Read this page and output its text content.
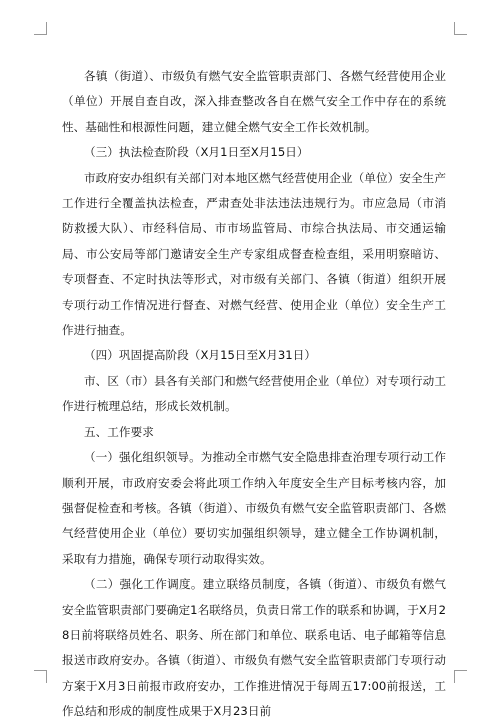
各镇（街道）、市级负有燃气安全监管职责部门、各燃气经营使用企业（单位）开展自查自改，深入排查整改各自在燃气安全工作中存在的系统性、基础性和根源性问题，建立健全燃气安全工作长效机制。

（三）执法检查阶段（X月1日至X月15日）

市政府安办组织有关部门对本地区燃气经营使用企业（单位）安全生产工作进行全覆盖执法检查，严肃查处非法违法违规行为。市应急局（市消防救援大队）、市经科信局、市市场监管局、市综合执法局、市交通运输局、市公安局等部门邀请安全生产专家组成督查检查组，采用明察暗访、专项督查、不定时执法等形式，对市级有关部门、各镇（街道）组织开展专项行动工作情况进行督查、对燃气经营、使用企业（单位）安全生产工作进行抽查。

（四）巩固提高阶段（X月15日至X月31日）

市、区（市）县各有关部门和燃气经营使用企业（单位）对专项行动工作进行梳理总结，形成长效机制。

五、工作要求

（一）强化组织领导。为推动全市燃气安全隐患排查治理专项行动工作顺利开展，市政府安委会将此项工作纳入年度安全生产目标考核内容，加强督促检查和考核。各镇（街道）、市级负有燃气安全监管职责部门、各燃气经营使用企业（单位）要切实加强组织领导，建立健全工作协调机制，采取有力措施，确保专项行动取得实效。

（二）强化工作调度。建立联络员制度，各镇（街道）、市级负有燃气安全监管职责部门要确定1名联络员，负责日常工作的联系和协调，于X月28日前将联络员姓名、职务、所在部门和单位、联系电话、电子邮箱等信息报送市政府安办。各镇（街道）、市级负有燃气安全监管职责部门专项行动方案于X月3日前报市政府安办，工作推进情况于每周五17:00前报送，工作总结和形成的制度性成果于X月23日前
